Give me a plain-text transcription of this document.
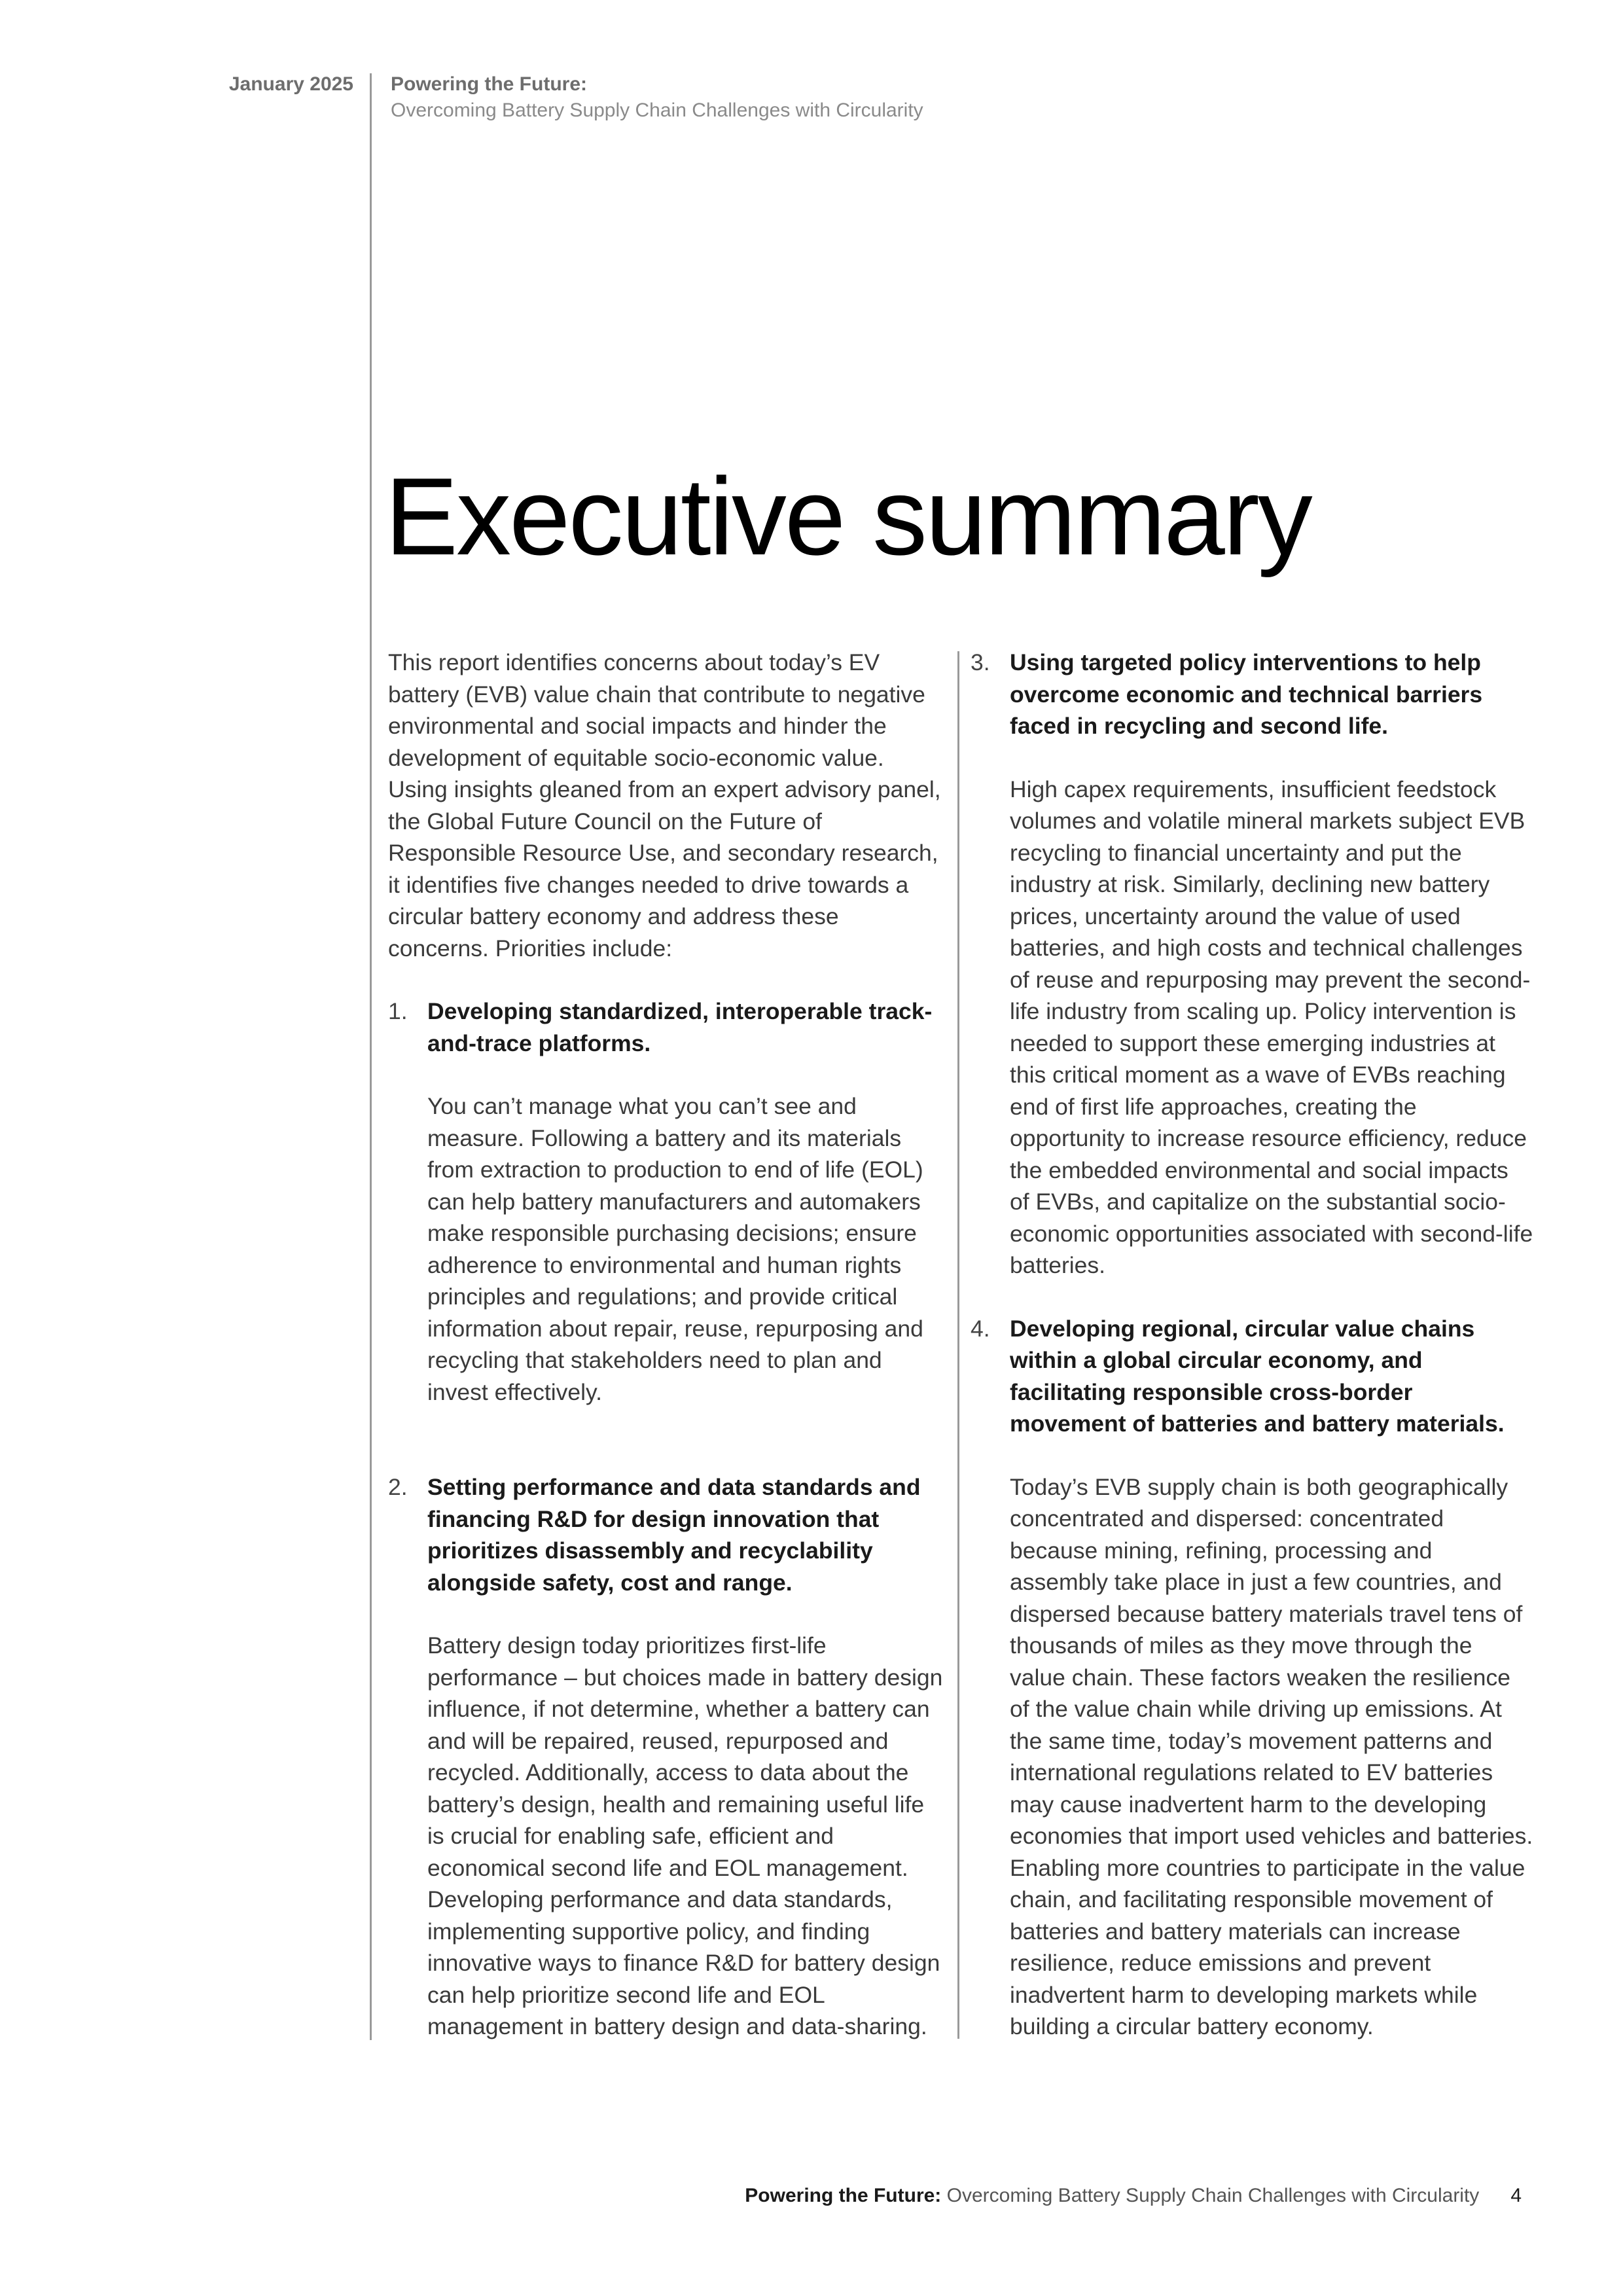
January 2025 Powering the Future:
Overcoming Battery Supply Chain Challenges with Circularity
Executive summary

This report identifies concerns about today’s EV battery (EVB) value chain that contribute to negative environmental and social impacts and hinder the development of equitable socio-economic value. Using insights gleaned from an expert advisory panel, the Global Future Council on the Future of Responsible Resource Use, and secondary research, it identifies five changes needed to drive towards a circular battery economy and address these concerns. Priorities include:

1. Developing standardized, interoperable track-and-trace platforms.

You can’t manage what you can’t see and measure. Following a battery and its materials from extraction to production to end of life (EOL) can help battery manufacturers and automakers make responsible purchasing decisions; ensure adherence to environmental and human rights principles and regulations; and provide critical information about repair, reuse, repurposing and recycling that stakeholders need to plan and invest effectively.

2. Setting performance and data standards and financing R&D for design innovation that prioritizes disassembly and recyclability alongside safety, cost and range.

Battery design today prioritizes first-life performance – but choices made in battery design influence, if not determine, whether a battery can and will be repaired, reused, repurposed and recycled. Additionally, access to data about the battery’s design, health and remaining useful life is crucial for enabling safe, efficient and economical second life and EOL management. Developing performance and data standards, implementing supportive policy, and finding innovative ways to finance R&D for battery design can help prioritize second life and EOL management in battery design and data-sharing.

3. Using targeted policy interventions to help overcome economic and technical barriers faced in recycling and second life.

High capex requirements, insufficient feedstock volumes and volatile mineral markets subject EVB recycling to financial uncertainty and put the industry at risk. Similarly, declining new battery prices, uncertainty around the value of used batteries, and high costs and technical challenges of reuse and repurposing may prevent the second-life industry from scaling up. Policy intervention is needed to support these emerging industries at this critical moment as a wave of EVBs reaching end of first life approaches, creating the opportunity to increase resource efficiency, reduce the embedded environmental and social impacts of EVBs, and capitalize on the substantial socio-economic opportunities associated with second-life batteries.

4. Developing regional, circular value chains within a global circular economy, and facilitating responsible cross-border movement of batteries and battery materials.

Today’s EVB supply chain is both geographically concentrated and dispersed: concentrated because mining, refining, processing and assembly take place in just a few countries, and dispersed because battery materials travel tens of thousands of miles as they move through the value chain. These factors weaken the resilience of the value chain while driving up emissions. At the same time, today’s movement patterns and international regulations related to EV batteries may cause inadvertent harm to the developing economies that import used vehicles and batteries. Enabling more countries to participate in the value chain, and facilitating responsible movement of batteries and battery materials can increase resilience, reduce emissions and prevent inadvertent harm to developing markets while building a circular battery economy.

Powering the Future: Overcoming Battery Supply Chain Challenges with Circularity 4
